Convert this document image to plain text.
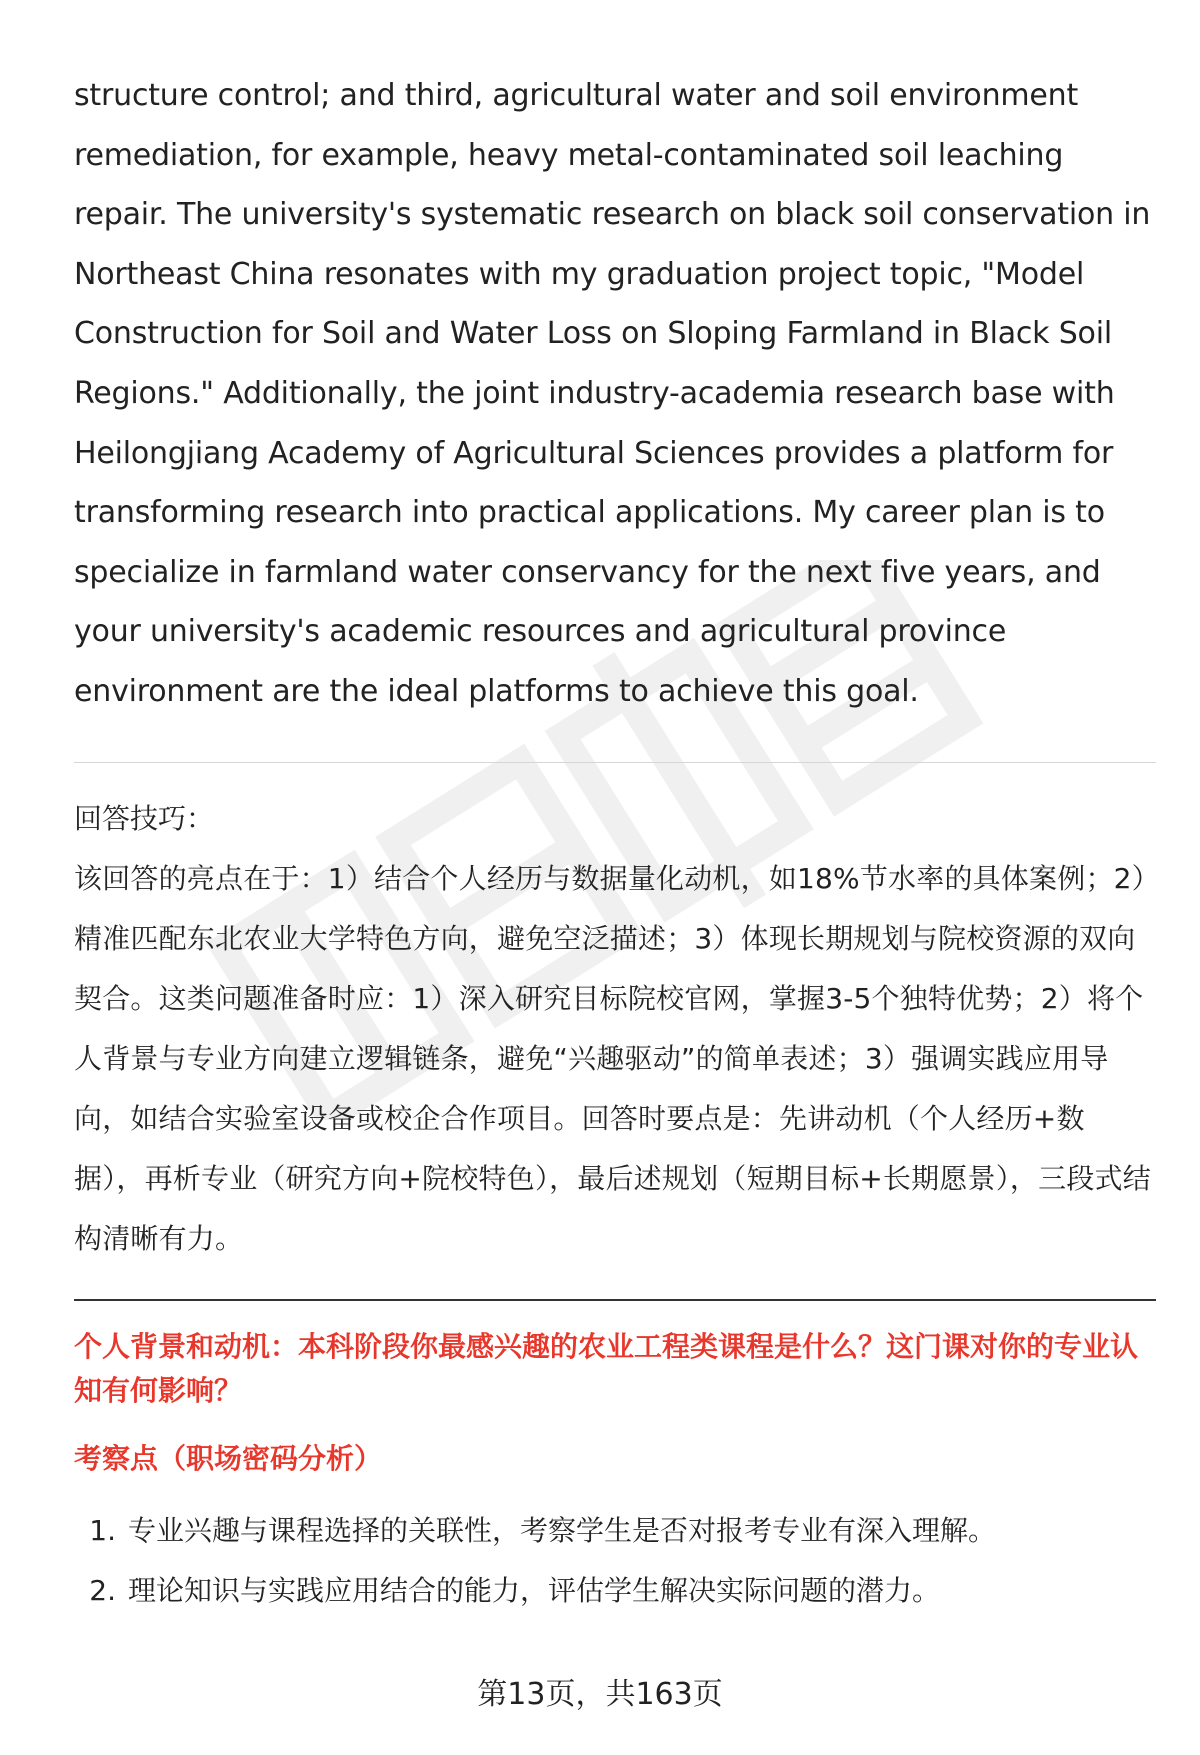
structure control; and third, agricultural water and soil environment remediation, for example, heavy metal-contaminated soil leaching repair. The university's systematic research on black soil conservation in Northeast China resonates with my graduation project topic, "Model Construction for Soil and Water Loss on Sloping Farmland in Black Soil Regions." Additionally, the joint industry-academia research base with Heilongjiang Academy of Agricultural Sciences provides a platform for transforming research into practical applications. My career plan is to specialize in farmland water conservancy for the next five years, and your university's academic resources and agricultural province environment are the ideal platforms to achieve this goal.

回答技巧：

该回答的亮点在于：1）结合个人经历与数据量化动机，如18%节水率的具体案例；2）精准匹配东北农业大学特色方向，避免空泛描述；3）体现长期规划与院校资源的双向契合。这类问题准备时应：1）深入研究目标院校官网，掌握3-5个独特优势；2）将个人背景与专业方向建立逻辑链条，避免“兴趣驱动”的简单表述；3）强调实践应用导向，如结合实验室设备或校企合作项目。回答时要点是：先讲动机（个人经历+数据），再析专业（研究方向+院校特色），最后述规划（短期目标+长期愿景），三段式结构清晰有力。

个人背景和动机：本科阶段你最感兴趣的农业工程类课程是什么？这门课对你的专业认知有何影响？

考察点（职场密码分析）

1. 专业兴趣与课程选择的关联性，考察学生是否对报考专业有深入理解。
2. 理论知识与实践应用结合的能力，评估学生解决实际问题的潜力。
第13页，共163页
